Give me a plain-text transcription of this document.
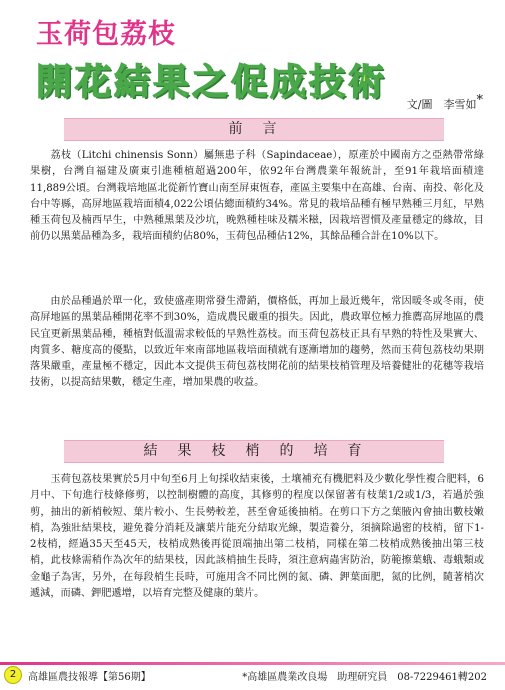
玉荷包荔枝
開花結果之促成技術
文/圖　李雪如*
前　言

荔枝（Litchi chinensis Sonn）屬無患子科（Sapindaceae），原產於中國南方之亞熱帶常綠果樹，台灣自福建及廣東引進種植超過200年，依92年台灣農業年報統計，至91年栽培面積達11,889公頃。台灣栽培地區北從新竹寶山南至屏東恆春，產區主要集中在高雄、台南、南投、彰化及台中等縣，高屏地區栽培面積4,022公頃佔總面積約34%。常見的栽培品種有極早熟種三月紅，早熟種玉荷包及楠西早生，中熟種黑葉及沙坑，晚熟種桂味及糯米糍，因栽培習慣及產量穩定的緣故，目前仍以黑葉品種為多，栽培面積約佔80%，玉荷包品種佔12%，其餘品種合計在10%以下。

由於品種過於單一化，致使盛產期常發生滯銷，價格低，再加上最近幾年，常因暖冬或冬雨，使高屏地區的黑葉品種開花率不到30%，造成農民嚴重的損失。因此，農政單位極力推薦高屏地區的農民宜更新黑葉品種，種植對低溫需求較低的早熟性荔枝。而玉荷包荔枝正具有早熟的特性及果實大、肉質多、糖度高的優點，以致近年來南部地區栽培面積就有逐漸增加的趨勢，然而玉荷包荔枝幼果期落果嚴重，產量極不穩定，因此本文提供玉荷包荔枝開花前的結果枝梢管理及培養健壯的花穗等栽培技術，以提高結果數，穩定生產，增加果農的收益。

結　果　枝　梢　的　培　育

玉荷包荔枝果實於5月中旬至6月上旬採收結束後，土壤補充有機肥料及少數化學性複合肥料，6月中、下旬進行枝條修剪，以控制樹體的高度，其修剪的程度以保留著有枝葉1/2或1/3，若過於強剪，抽出的新梢較短、葉片較小、生長勢較差，甚至會延後抽梢。在剪口下方之葉腋內會抽出數枝嫩梢，為強壯結果枝，避免養分消耗及讓葉片能充分結取光線，製造養分，須摘除過密的枝梢，留下1-2枝梢，經過35天至45天，枝梢成熟後再從頂端抽出第二枝梢，同樣在第二枝梢成熟後抽出第三枝梢，此枝條需稍作為次年的結果枝，因此該梢抽生長時，須注意病蟲害防治，防範擦葉蛾、毒蛾類或金龜子為害，另外，在每段梢生長時，可施用含不同比例的氮、磷、鉀葉面肥，氮的比例，隨著梢次遞減，而磷、鉀肥遞增，以培育完整及健康的葉片。

2	高雄區農技報導【第56期】	*高雄區農業改良場　助理研究員　08-7229461轉202
